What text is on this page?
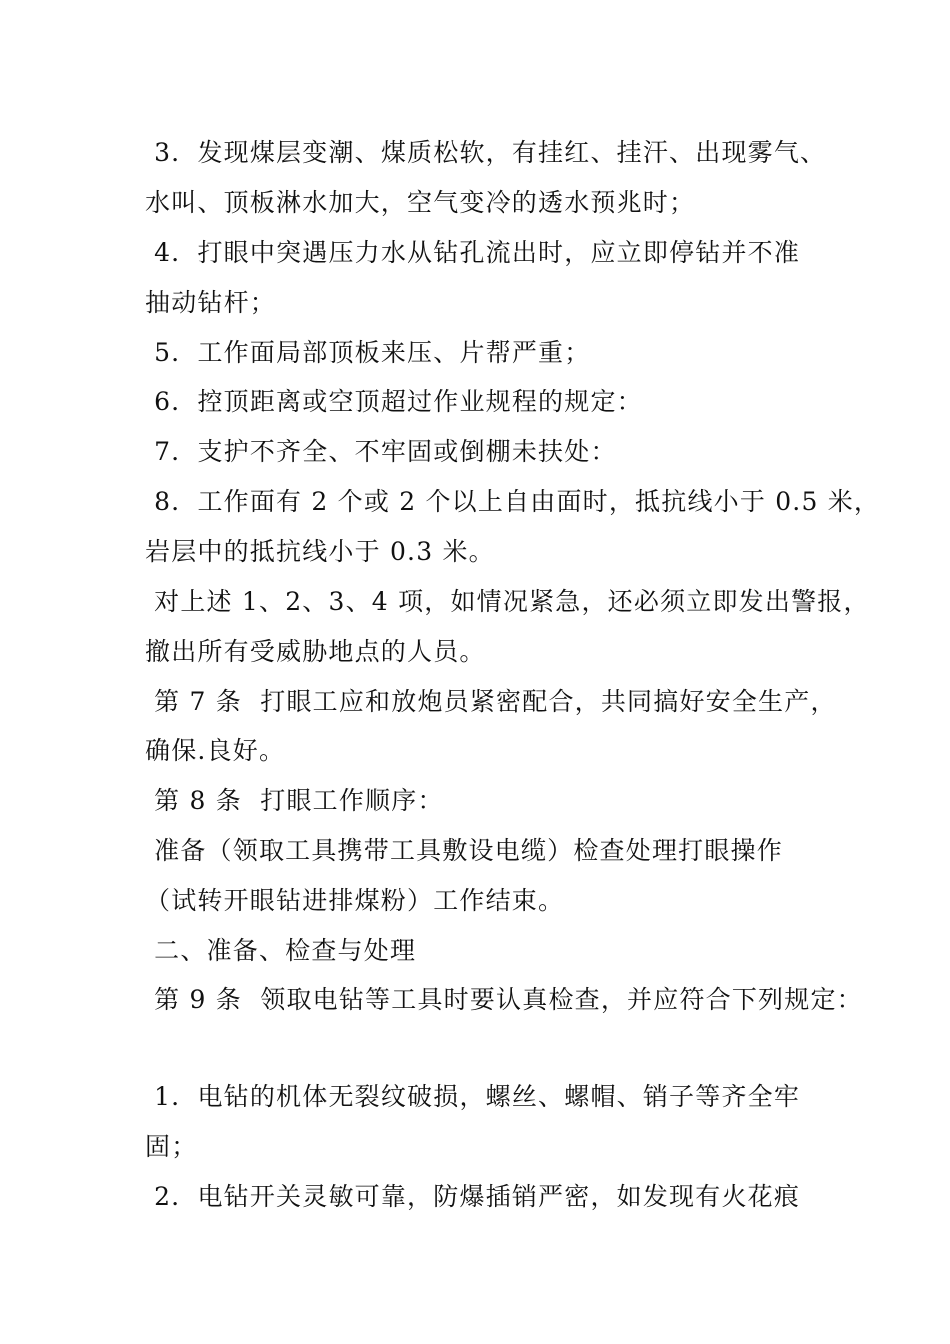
3．发现煤层变潮、煤质松软，有挂红、挂汗、出现雾气、
水叫、顶板淋水加大，空气变冷的透水预兆时；
4．打眼中突遇压力水从钻孔流出时，应立即停钻并不准
抽动钻杆；
5．工作面局部顶板来压、片帮严重；
6．控顶距离或空顶超过作业规程的规定：
7．支护不齐全、不牢固或倒棚未扶处：
8．工作面有 2 个或 2 个以上自由面时，抵抗线小于 0.5 米，
岩层中的抵抗线小于 0.3 米。
对上述 1、2、3、4 项，如情况紧急，还必须立即发出警报，
撤出所有受威胁地点的人员。
第 7 条  打眼工应和放炮员紧密配合，共同搞好安全生产，
确保.良好。
第 8 条  打眼工作顺序：
准备（领取工具携带工具敷设电缆）检查处理打眼操作
（试转开眼钻进排煤粉）工作结束。
二、准备、检查与处理
第 9 条  领取电钻等工具时要认真检查，并应符合下列规定：
1．电钻的机体无裂纹破损，螺丝、螺帽、销子等齐全牢
固；
2．电钻开关灵敏可靠，防爆插销严密，如发现有火花痕
